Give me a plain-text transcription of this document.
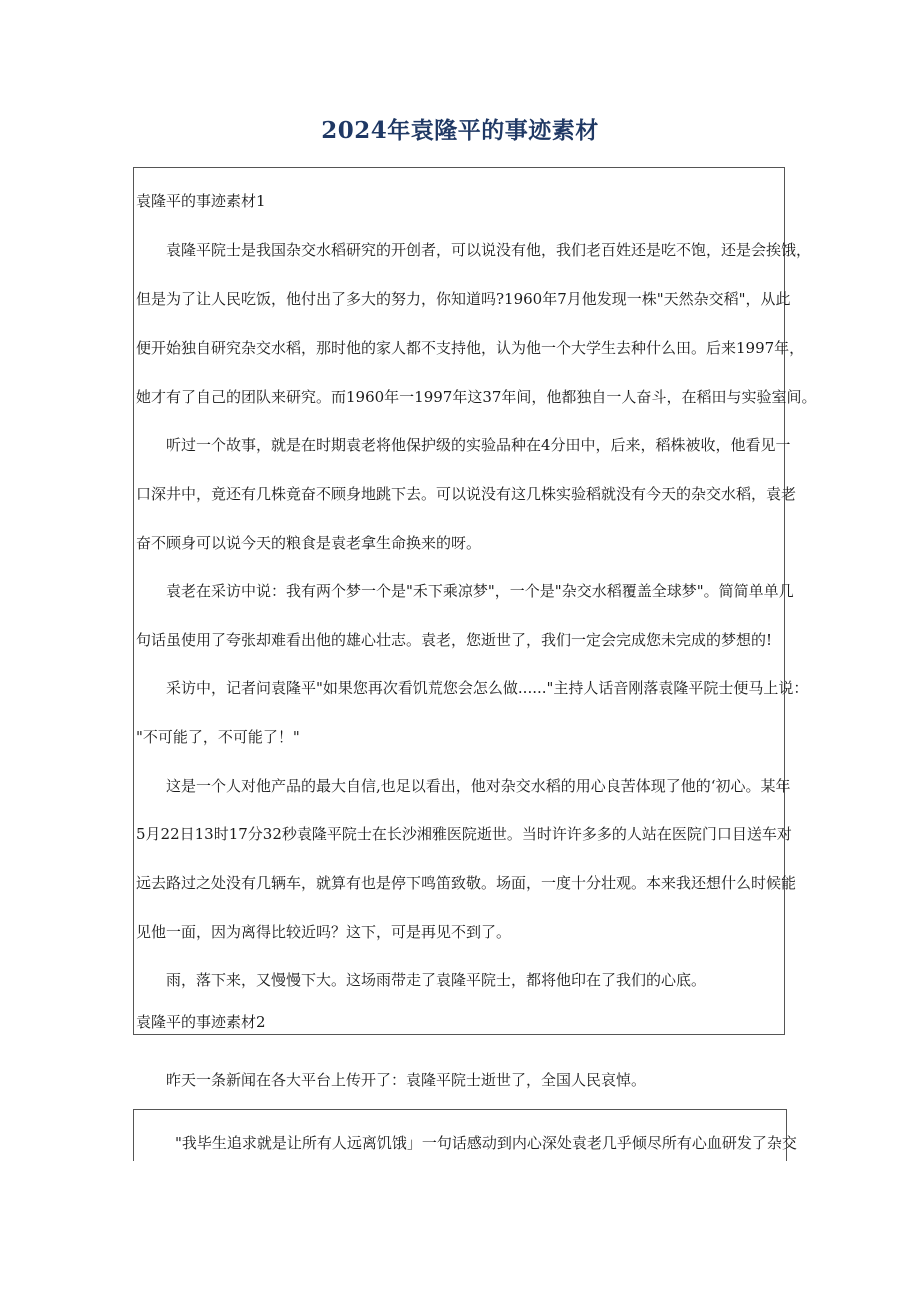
2024年袁隆平的事迹素材
袁隆平的事迹素材1
袁隆平院士是我国杂交水稻研究的开创者，可以说没有他，我们老百姓还是吃不饱，还是会挨饿，
但是为了让人民吃饭，他付出了多大的努力，你知道吗?1960年7月他发现一株"天然杂交稻"，从此
便开始独自研究杂交水稻，那时他的家人都不支持他，认为他一个大学生去种什么田。后来1997年，
她才有了自己的团队来研究。而1960年一1997年这37年间，他都独自一人奋斗，在稻田与实验室间。
听过一个故事，就是在时期袁老将他保护级的实验品种在4分田中，后来，稻株被收，他看见一
口深井中，竟还有几株竟奋不顾身地跳下去。可以说没有这几株实验稻就没有今天的杂交水稻，袁老
奋不顾身可以说今天的粮食是袁老拿生命换来的呀。
袁老在采访中说：我有两个梦一个是"禾下乘凉梦"，一个是"杂交水稻覆盖全球梦"。简简单单几
句话虽使用了夸张却难看出他的雄心壮志。袁老，您逝世了，我们一定会完成您未完成的梦想的!
采访中，记者问袁隆平"如果您再次看饥荒您会怎么做......"主持人话音刚落袁隆平院士便马上说：
"不可能了，不可能了！"
这是一个人对他产品的最大自信,也足以看出，他对杂交水稻的用心良苦体现了他的‘初心。某年
5月22日13时17分32秒袁隆平院士在长沙湘雅医院逝世。当时许许多多的人站在医院门口目送车对
远去路过之处没有几辆车，就算有也是停下鸣笛致敬。场面，一度十分壮观。本来我还想什么时候能
见他一面，因为离得比较近吗？这下，可是再见不到了。
雨，落下来，又慢慢下大。这场雨带走了袁隆平院士，都将他印在了我们的心底。
袁隆平的事迹素材2
昨天一条新闻在各大平台上传开了：袁隆平院士逝世了，全国人民哀悼。
"我毕生追求就是让所有人远离饥饿」一句话感动到内心深处袁老几乎倾尽所有心血研发了杂交
